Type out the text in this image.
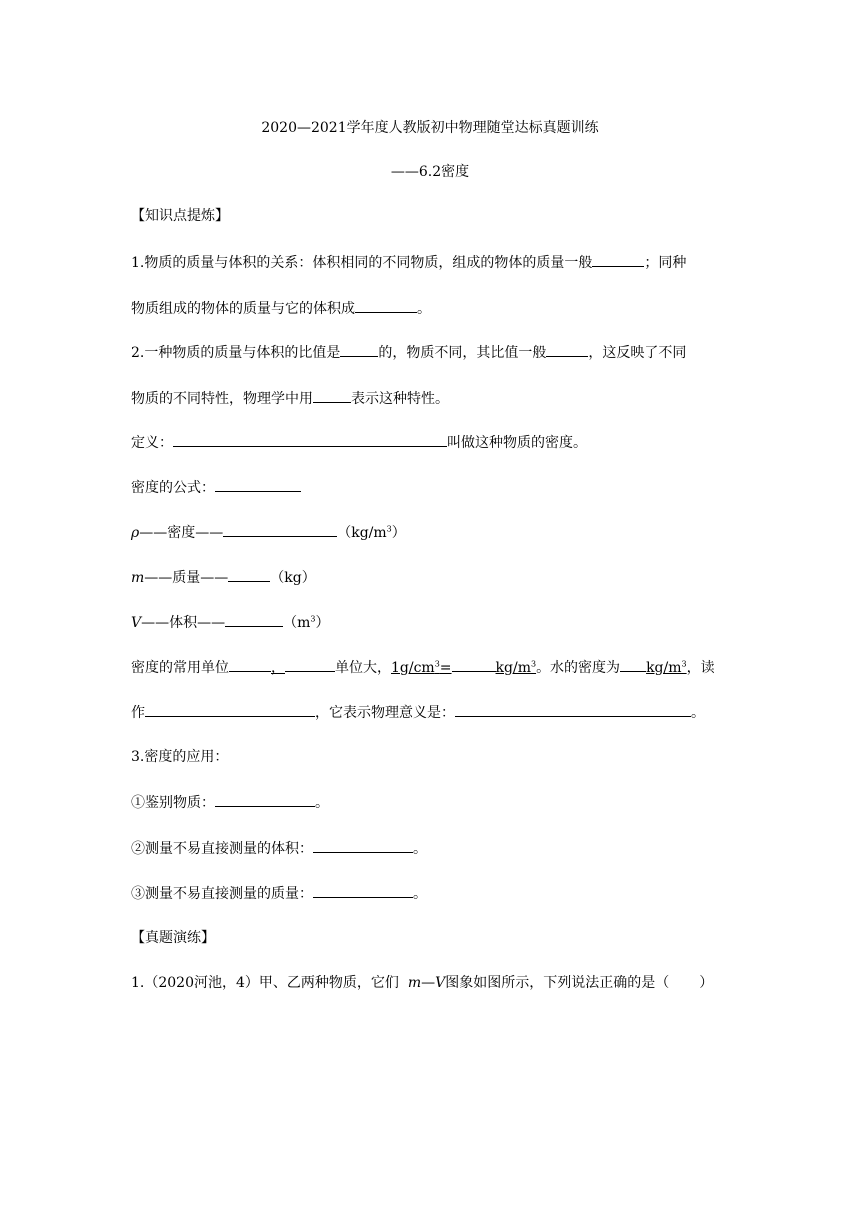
2020—2021学年度人教版初中物理随堂达标真题训练
——6.2密度
【知识点提炼】
1.物质的质量与体积的关系：体积相同的不同物质，组成的物体的质量一般	；同种
物质组成的物体的质量与它的体积成	。
2.一种物质的质量与体积的比值是	的，物质不同，其比值一般	，这反映了不同
物质的不同特性，物理学中用	表示这种特性。
定义：	叫做这种物质的密度。
密度的公式：
ρ——密度——	$(kg/m^3)$
m——质量——	（kg）
V——体积——	$(m^3)$
密度的常用单位	，	单位大，$1g/cm^3=$	$kg/m^3$。水的密度为 $kg/m^3$，读
作	，它表示物理意义是：	。
3.密度的应用：
①鉴别物质：	。
②测量不易直接测量的体积：	。
③测量不易直接测量的质量：	。
【真题演练】
1.（2020河池，4）甲、乙两种物质，它们 m—V图象如图所示，下列说法正确的是（ ）
